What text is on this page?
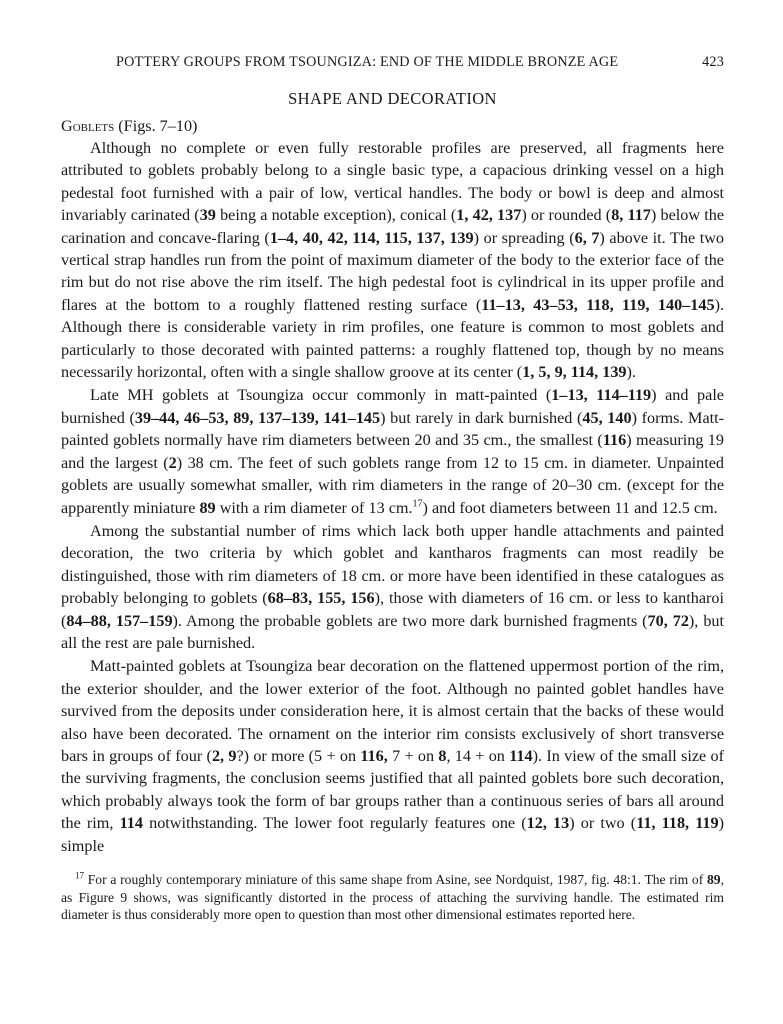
POTTERY GROUPS FROM TSOUNGIZA: END OF THE MIDDLE BRONZE AGE	423
SHAPE AND DECORATION
Goblets (Figs. 7–10)

Although no complete or even fully restorable profiles are preserved, all fragments here attributed to goblets probably belong to a single basic type, a capacious drinking vessel on a high pedestal foot furnished with a pair of low, vertical handles. The body or bowl is deep and almost invariably carinated (39 being a notable exception), conical (1, 42, 137) or rounded (8, 117) below the carination and concave-flaring (1–4, 40, 42, 114, 115, 137, 139) or spreading (6, 7) above it. The two vertical strap handles run from the point of maximum diameter of the body to the exterior face of the rim but do not rise above the rim itself. The high pedestal foot is cylindrical in its upper profile and flares at the bottom to a roughly flattened resting surface (11–13, 43–53, 118, 119, 140–145). Although there is considerable variety in rim profiles, one feature is common to most goblets and particularly to those decorated with painted patterns: a roughly flattened top, though by no means necessarily horizontal, often with a single shallow groove at its center (1, 5, 9, 114, 139).

Late MH goblets at Tsoungiza occur commonly in matt-painted (1–13, 114–119) and pale burnished (39–44, 46–53, 89, 137–139, 141–145) but rarely in dark burnished (45, 140) forms. Matt-painted goblets normally have rim diameters between 20 and 35 cm., the smallest (116) measuring 19 and the largest (2) 38 cm. The feet of such goblets range from 12 to 15 cm. in diameter. Unpainted goblets are usually somewhat smaller, with rim diameters in the range of 20–30 cm. (except for the apparently miniature 89 with a rim diameter of 13 cm.$^{17}$) and foot diameters between 11 and 12.5 cm.

Among the substantial number of rims which lack both upper handle attachments and painted decoration, the two criteria by which goblet and kantharos fragments can most readily be distinguished, those with rim diameters of 18 cm. or more have been identified in these catalogues as probably belonging to goblets (68–83, 155, 156), those with diameters of 16 cm. or less to kantharoi (84–88, 157–159). Among the probable goblets are two more dark burnished fragments (70, 72), but all the rest are pale burnished.

Matt-painted goblets at Tsoungiza bear decoration on the flattened uppermost portion of the rim, the exterior shoulder, and the lower exterior of the foot. Although no painted goblet handles have survived from the deposits under consideration here, it is almost certain that the backs of these would also have been decorated. The ornament on the interior rim consists exclusively of short transverse bars in groups of four (2, 9?) or more (5 + on 116, 7 + on 8, 14 + on 114). In view of the small size of the surviving fragments, the conclusion seems justified that all painted goblets bore such decoration, which probably always took the form of bar groups rather than a continuous series of bars all around the rim, 114 notwithstanding. The lower foot regularly features one (12, 13) or two (11, 118, 119) simple

$^{17}$ For a roughly contemporary miniature of this same shape from Asine, see Nordquist, 1987, fig. 48:1. The rim of 89, as Figure 9 shows, was significantly distorted in the process of attaching the surviving handle. The estimated rim diameter is thus considerably more open to question than most other dimensional estimates reported here.
